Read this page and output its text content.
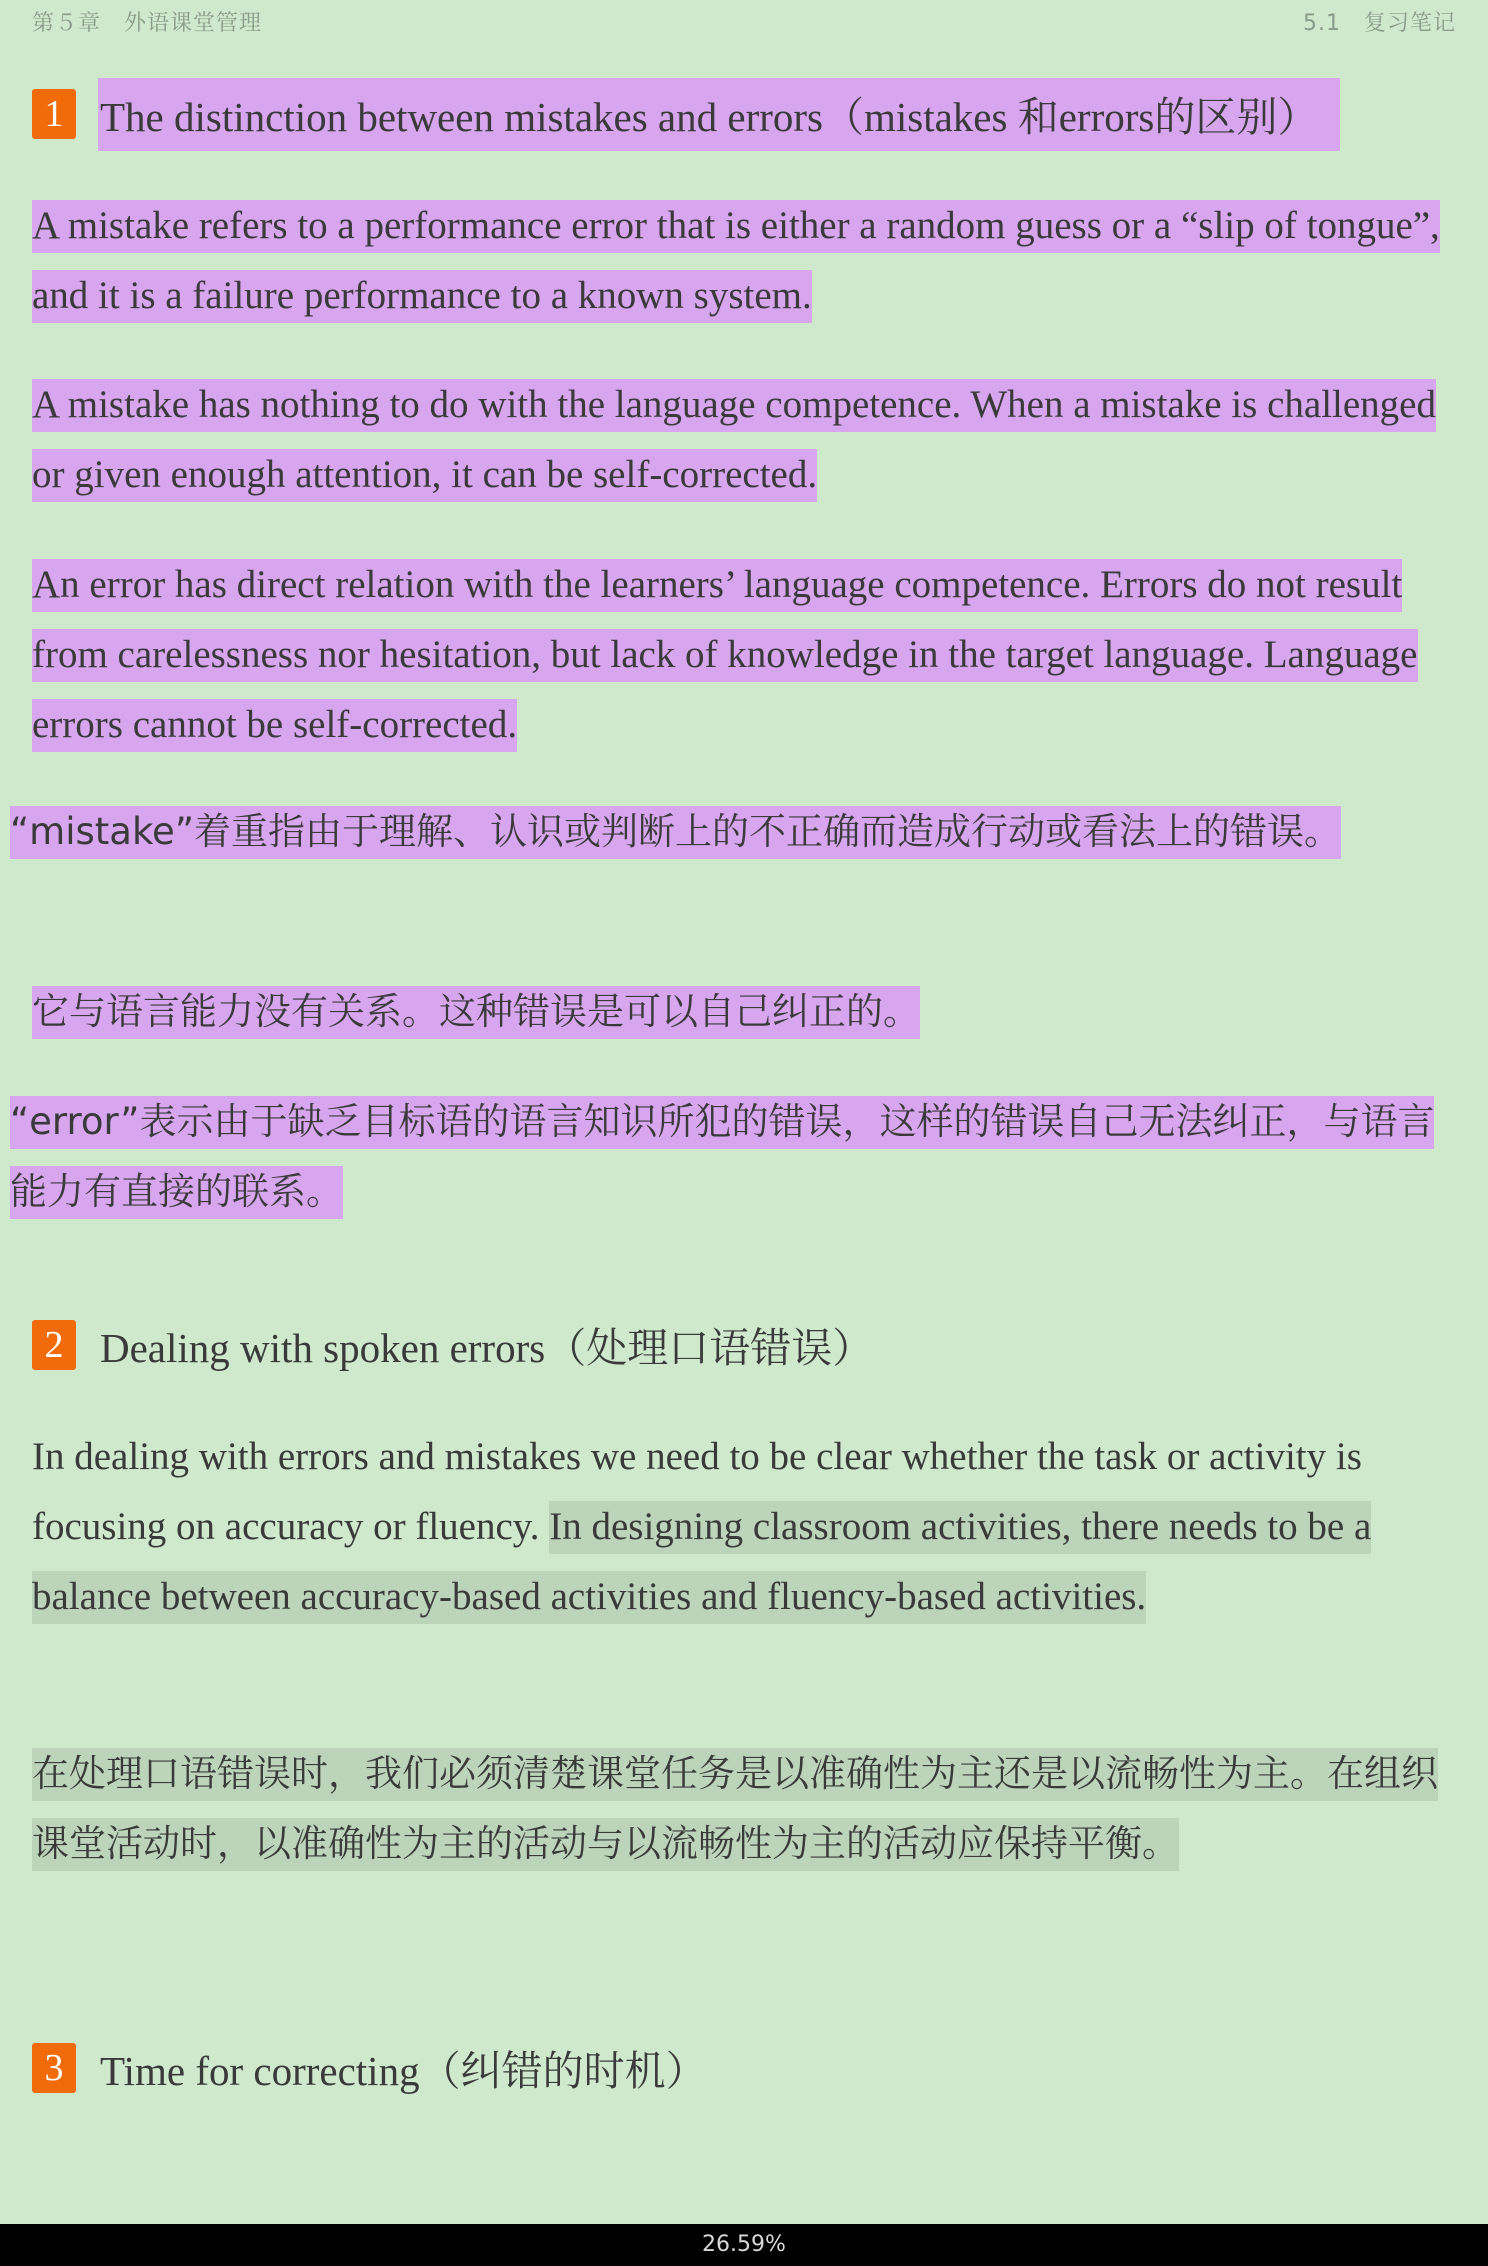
第５章　外语课堂管理	5.1　复习笔记
1 The distinction between mistakes and errors（mistakes 和errors的区别）
A mistake refers to a performance error that is either a random guess or a “slip of tongue”, and it is a failure performance to a known system.
A mistake has nothing to do with the language competence. When a mistake is challenged or given enough attention, it can be self-corrected.
An error has direct relation with the learners’ language competence. Errors do not result from carelessness nor hesitation, but lack of knowledge in the target language. Language errors cannot be self-corrected.
“mistake”着重指由于理解、认识或判断上的不正确而造成行动或看法上的错误。
它与语言能力没有关系。这种错误是可以自己纠正的。
“error”表示由于缺乏目标语的语言知识所犯的错误，这样的错误自己无法纠正，与语言能力有直接的联系。
2 Dealing with spoken errors（处理口语错误）
In dealing with errors and mistakes we need to be clear whether the task or activity is focusing on accuracy or fluency. In designing classroom activities, there needs to be a balance between accuracy-based activities and fluency-based activities.
在处理口语错误时，我们必须清楚课堂任务是以准确性为主还是以流畅性为主。在组织课堂活动时，以准确性为主的活动与以流畅性为主的活动应保持平衡。
3 Time for correcting（纠错的时机）
26.59%
